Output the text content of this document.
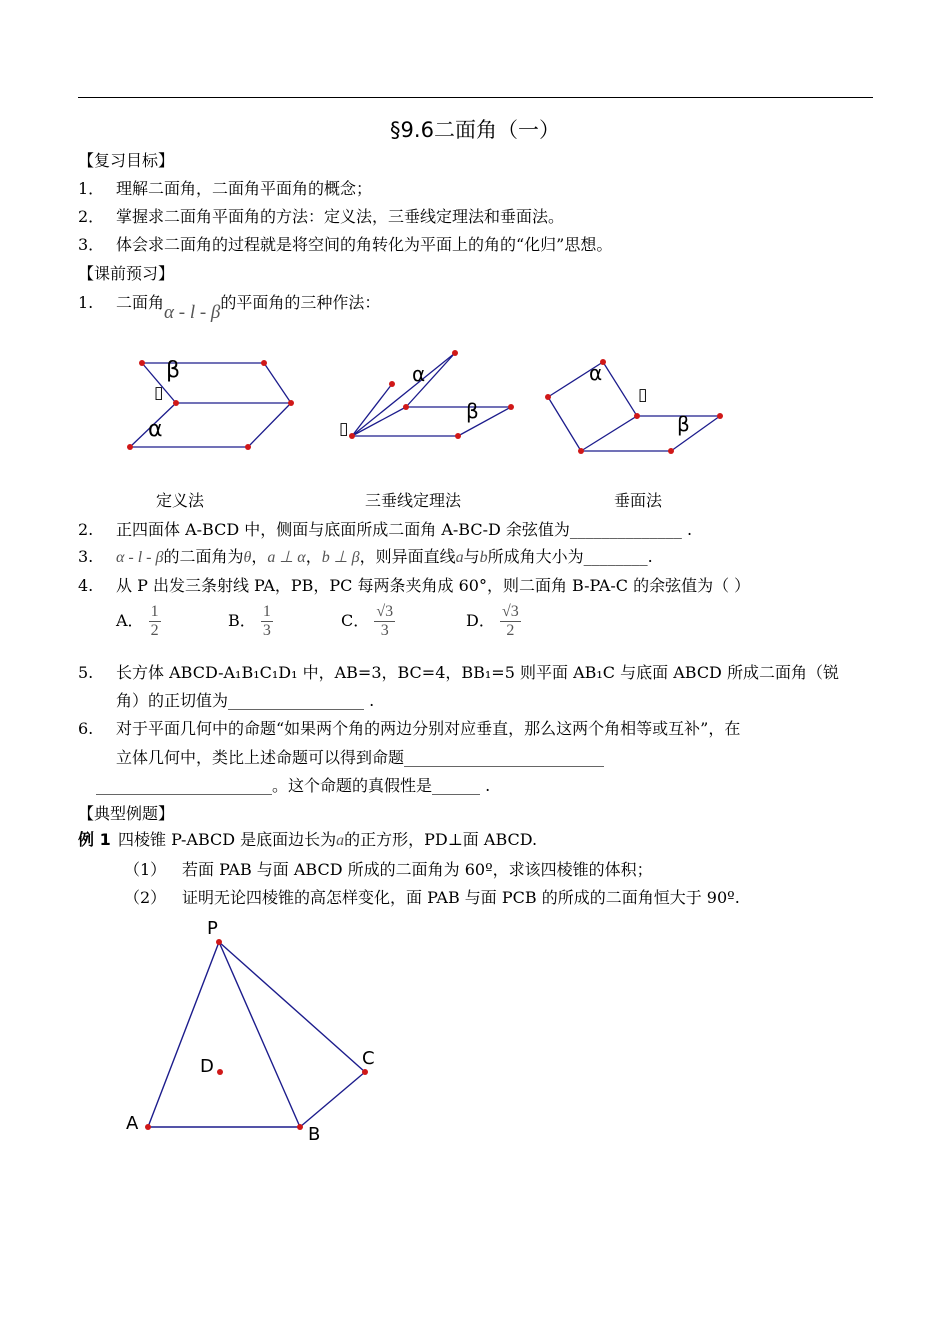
§9.6二面角（一）
【复习目标】
1． 理解二面角，二面角平面角的概念；
2． 掌握求二面角平面角的方法：定义法，三垂线定理法和垂面法。
3． 体会求二面角的过程就是将空间的角转化为平面上的角的“化归”思想。
【课前预习】
1. 二面角α - l - β的平面角的三种作法：
β
▯
α
α
β
▯
α
▯
β
定义法	三垂线定理法	垂面法
2. 正四面体 A-BCD 中，侧面与底面所成二面角 A-BC-D 余弦值为______________ .
3. α - l - β的二面角为θ，a ⊥ α，b ⊥ β，则异面直线a与b所成角大小为________.
4. 从 P 出发三条射线 PA，PB，PC 每两条夹角成 60°，则二面角 B-PA-C 的余弦值为（ ）
A． $\frac{1}{2}$	B． $\frac{1}{3}$	C． $\frac{√3}{3}$	D． $\frac{√3}{2}$
5. 长方体 ABCD-A₁B₁C₁D₁ 中，AB=3，BC=4，BB₁=5 则平面 AB₁C 与底面 ABCD 所成二面角（锐
角）的正切值为_________________ .
6. 对于平面几何中的命题“如果两个角的两边分别对应垂直，那么这两个角相等或互补”，在
立体几何中，类比上述命题可以得到命题_________________________
______________________。这个命题的真假性是______ .
【典型例题】
例 1 四棱锥 P-ABCD 是底面边长为a的正方形，PD⊥面 ABCD.
（1） 若面 PAB 与面 ABCD 所成的二面角为 60º，求该四棱锥的体积；
（2） 证明无论四棱锥的高怎样变化，面 PAB 与面 PCB 的所成的二面角恒大于 90º.
P
A
B
C
D
